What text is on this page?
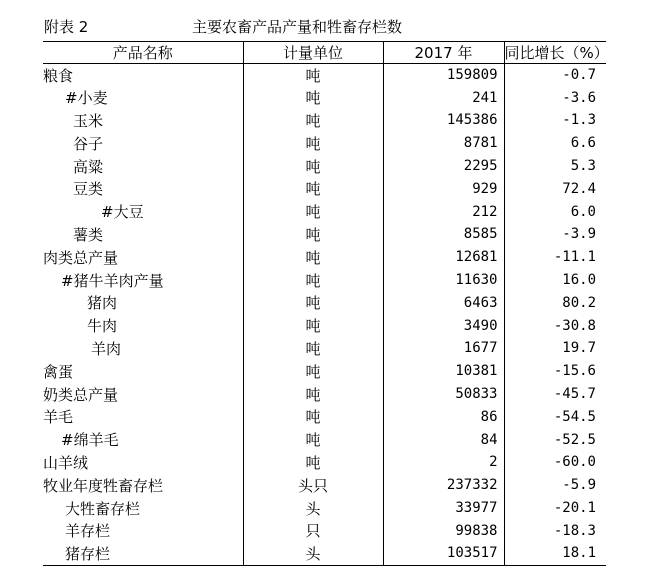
附表 2	主要农畜产品产量和牲畜存栏数
产品名称	计量单位	2017 年	同比增长（%）
粮食	吨	159809	-0.7
#小麦	吨	241	-3.6
玉米	吨	145386	-1.3
谷子	吨	8781	6.6
高粱	吨	2295	5.3
豆类	吨	929	72.4
#大豆	吨	212	6.0
薯类	吨	8585	-3.9
肉类总产量	吨	12681	-11.1
#猪牛羊肉产量	吨	11630	16.0
猪肉	吨	6463	80.2
牛肉	吨	3490	-30.8
羊肉	吨	1677	19.7
禽蛋	吨	10381	-15.6
奶类总产量	吨	50833	-45.7
羊毛	吨	86	-54.5
#绵羊毛	吨	84	-52.5
山羊绒	吨	2	-60.0
牧业年度牲畜存栏	头只	237332	-5.9
大牲畜存栏	头	33977	-20.1
羊存栏	只	99838	-18.3
猪存栏	头	103517	18.1
